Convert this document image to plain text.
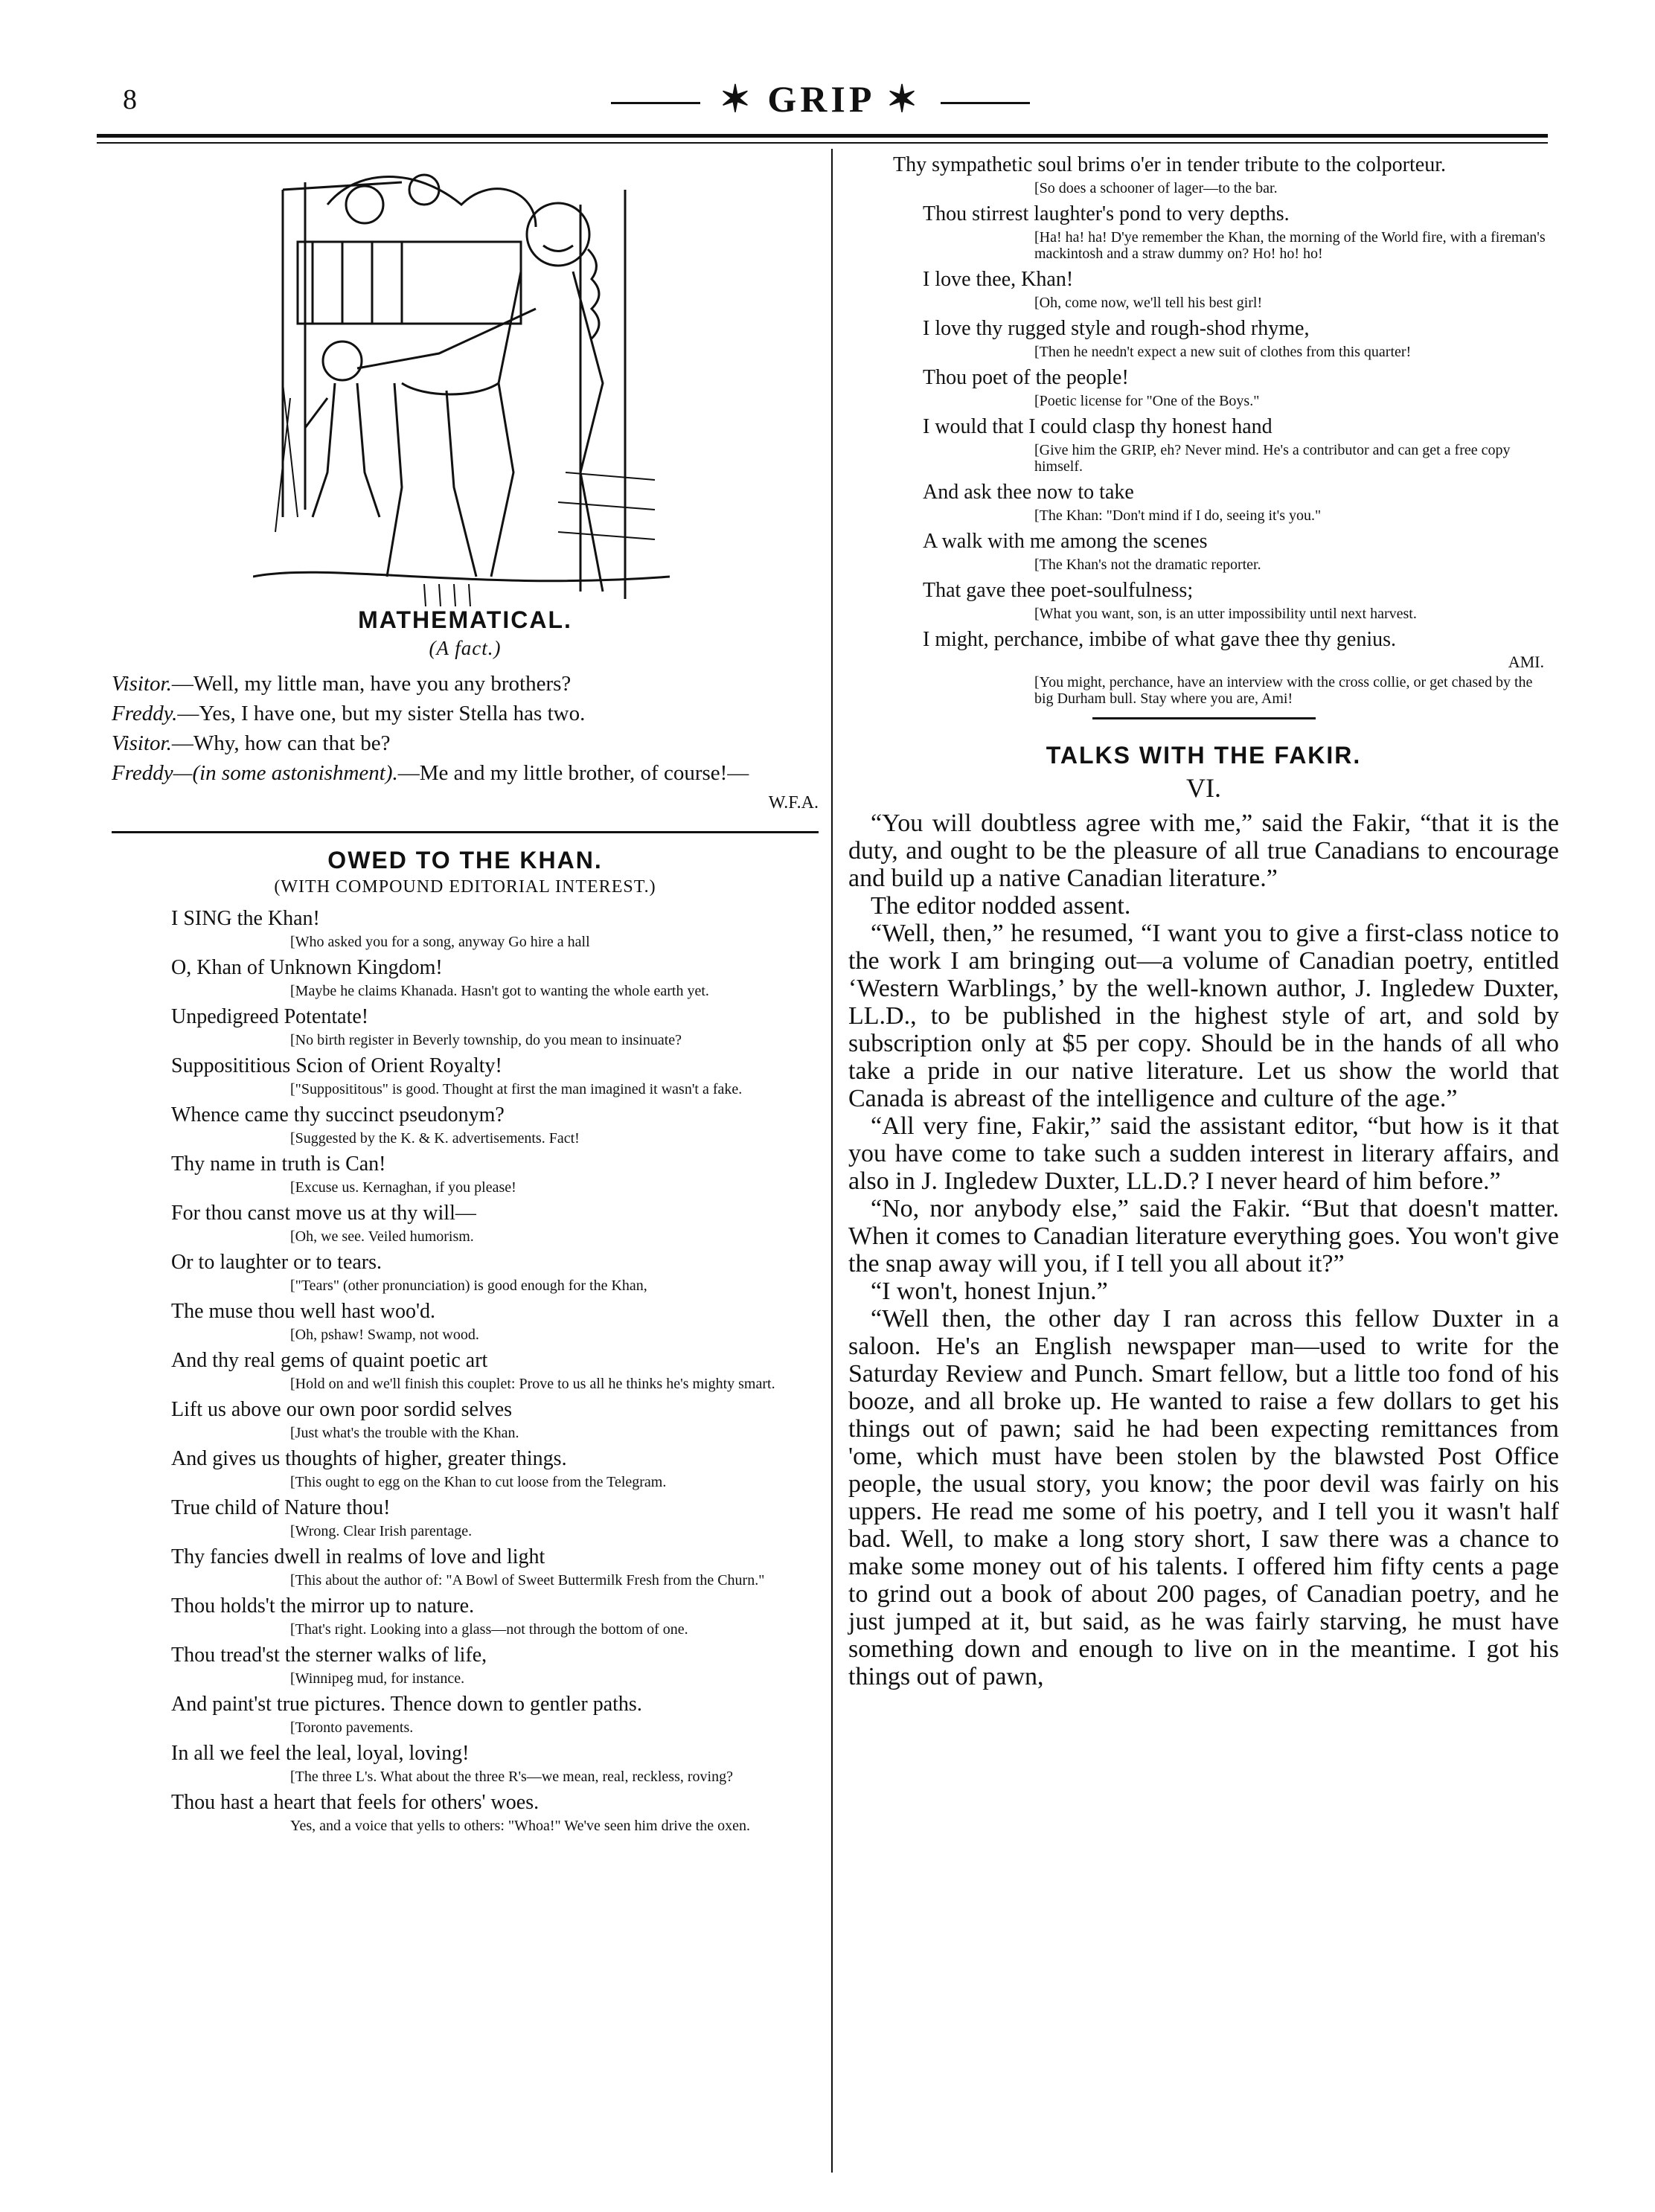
8	✶ GRIP ✶
MATHEMATICAL.
(A fact.)

Visitor.—Well, my little man, have you any brothers?

Freddy.—Yes, I have one, but my sister Stella has two.

Visitor.—Why, how can that be?

Freddy—(in some astonishment).—Me and my little brother, of course!—
W.F.A.

OWED TO THE KHAN.
(WITH COMPOUND EDITORIAL INTEREST.)
I SING the Khan!
[Who asked you for a song, anyway Go hire a hall
O, Khan of Unknown Kingdom!
[Maybe he claims Khanada. Hasn't got to wanting the whole earth yet.
Unpedigreed Potentate!
[No birth register in Beverly township, do you mean to insinuate?
Supposititious Scion of Orient Royalty!
["Supposititous" is good. Thought at first the man imagined it wasn't a fake.
Whence came thy succinct pseudonym?
[Suggested by the K. & K. advertisements. Fact!
Thy name in truth is Can!
[Excuse us. Kernaghan, if you please!
For thou canst move us at thy will—
[Oh, we see. Veiled humorism.
Or to laughter or to tears.
["Tears" (other pronunciation) is good enough for the Khan,
The muse thou well hast woo'd.
[Oh, pshaw! Swamp, not wood.
And thy real gems of quaint poetic art
[Hold on and we'll finish this couplet: Prove to us all he thinks he's mighty smart.
Lift us above our own poor sordid selves
[Just what's the trouble with the Khan.
And gives us thoughts of higher, greater things.
[This ought to egg on the Khan to cut loose from the Telegram.
True child of Nature thou!
[Wrong. Clear Irish parentage.
Thy fancies dwell in realms of love and light
[This about the author of: "A Bowl of Sweet Buttermilk Fresh from the Churn."
Thou holds't the mirror up to nature.
[That's right. Looking into a glass—not through the bottom of one.
Thou tread'st the sterner walks of life,
[Winnipeg mud, for instance.
And paint'st true pictures. Thence down to gentler paths.
[Toronto pavements.
In all we feel the leal, loyal, loving!
[The three L's. What about the three R's—we mean, real, reckless, roving?
Thou hast a heart that feels for others' woes.
Yes, and a voice that yells to others: "Whoa!" We've seen him drive the oxen.
Thy sympathetic soul brims o'er in tender tribute to the colporteur.
[So does a schooner of lager—to the bar.
Thou stirrest laughter's pond to very depths.
[Ha! ha! ha! D'ye remember the Khan, the morning of the World fire, with a fireman's mackintosh and a straw dummy on? Ho! ho! ho!
I love thee, Khan!
[Oh, come now, we'll tell his best girl!
I love thy rugged style and rough-shod rhyme,
[Then he needn't expect a new suit of clothes from this quarter!
Thou poet of the people!
[Poetic license for "One of the Boys."
I would that I could clasp thy honest hand
[Give him the GRIP, eh? Never mind. He's a contributor and can get a free copy himself.
And ask thee now to take
[The Khan: "Don't mind if I do, seeing it's you."
A walk with me among the scenes
[The Khan's not the dramatic reporter.
That gave thee poet-soulfulness;
[What you want, son, is an utter impossibility until next harvest.
I might, perchance, imbibe of what gave thee thy genius.
AMI.
[You might, perchance, have an interview with the cross collie, or get chased by the big Durham bull. Stay where you are, Ami!
TALKS WITH THE FAKIR.
VI.

“You will doubtless agree with me,” said the Fakir, “that it is the duty, and ought to be the pleasure of all true Canadians to encourage and build up a native Canadian literature.”

The editor nodded assent.

“Well, then,” he resumed, “I want you to give a first-class notice to the work I am bringing out—a volume of Canadian poetry, entitled ‘Western Warblings,’ by the well-known author, J. Ingledew Duxter, LL.D., to be published in the highest style of art, and sold by subscription only at $5 per copy. Should be in the hands of all who take a pride in our native literature. Let us show the world that Canada is abreast of the intelligence and culture of the age.”

“All very fine, Fakir,” said the assistant editor, “but how is it that you have come to take such a sudden interest in literary affairs, and also in J. Ingledew Duxter, LL.D.? I never heard of him before.”

“No, nor anybody else,” said the Fakir. “But that doesn't matter. When it comes to Canadian literature everything goes. You won't give the snap away will you, if I tell you all about it?”

“I won't, honest Injun.”

“Well then, the other day I ran across this fellow Duxter in a saloon. He's an English newspaper man—used to write for the Saturday Review and Punch. Smart fellow, but a little too fond of his booze, and all broke up. He wanted to raise a few dollars to get his things out of pawn; said he had been expecting remittances from 'ome, which must have been stolen by the blawsted Post Office people, the usual story, you know; the poor devil was fairly on his uppers. He read me some of his poetry, and I tell you it wasn't half bad. Well, to make a long story short, I saw there was a chance to make some money out of his talents. I offered him fifty cents a page to grind out a book of about 200 pages, of Canadian poetry, and he just jumped at it, but said, as he was fairly starving, he must have something down and enough to live on in the meantime. I got his things out of pawn,
